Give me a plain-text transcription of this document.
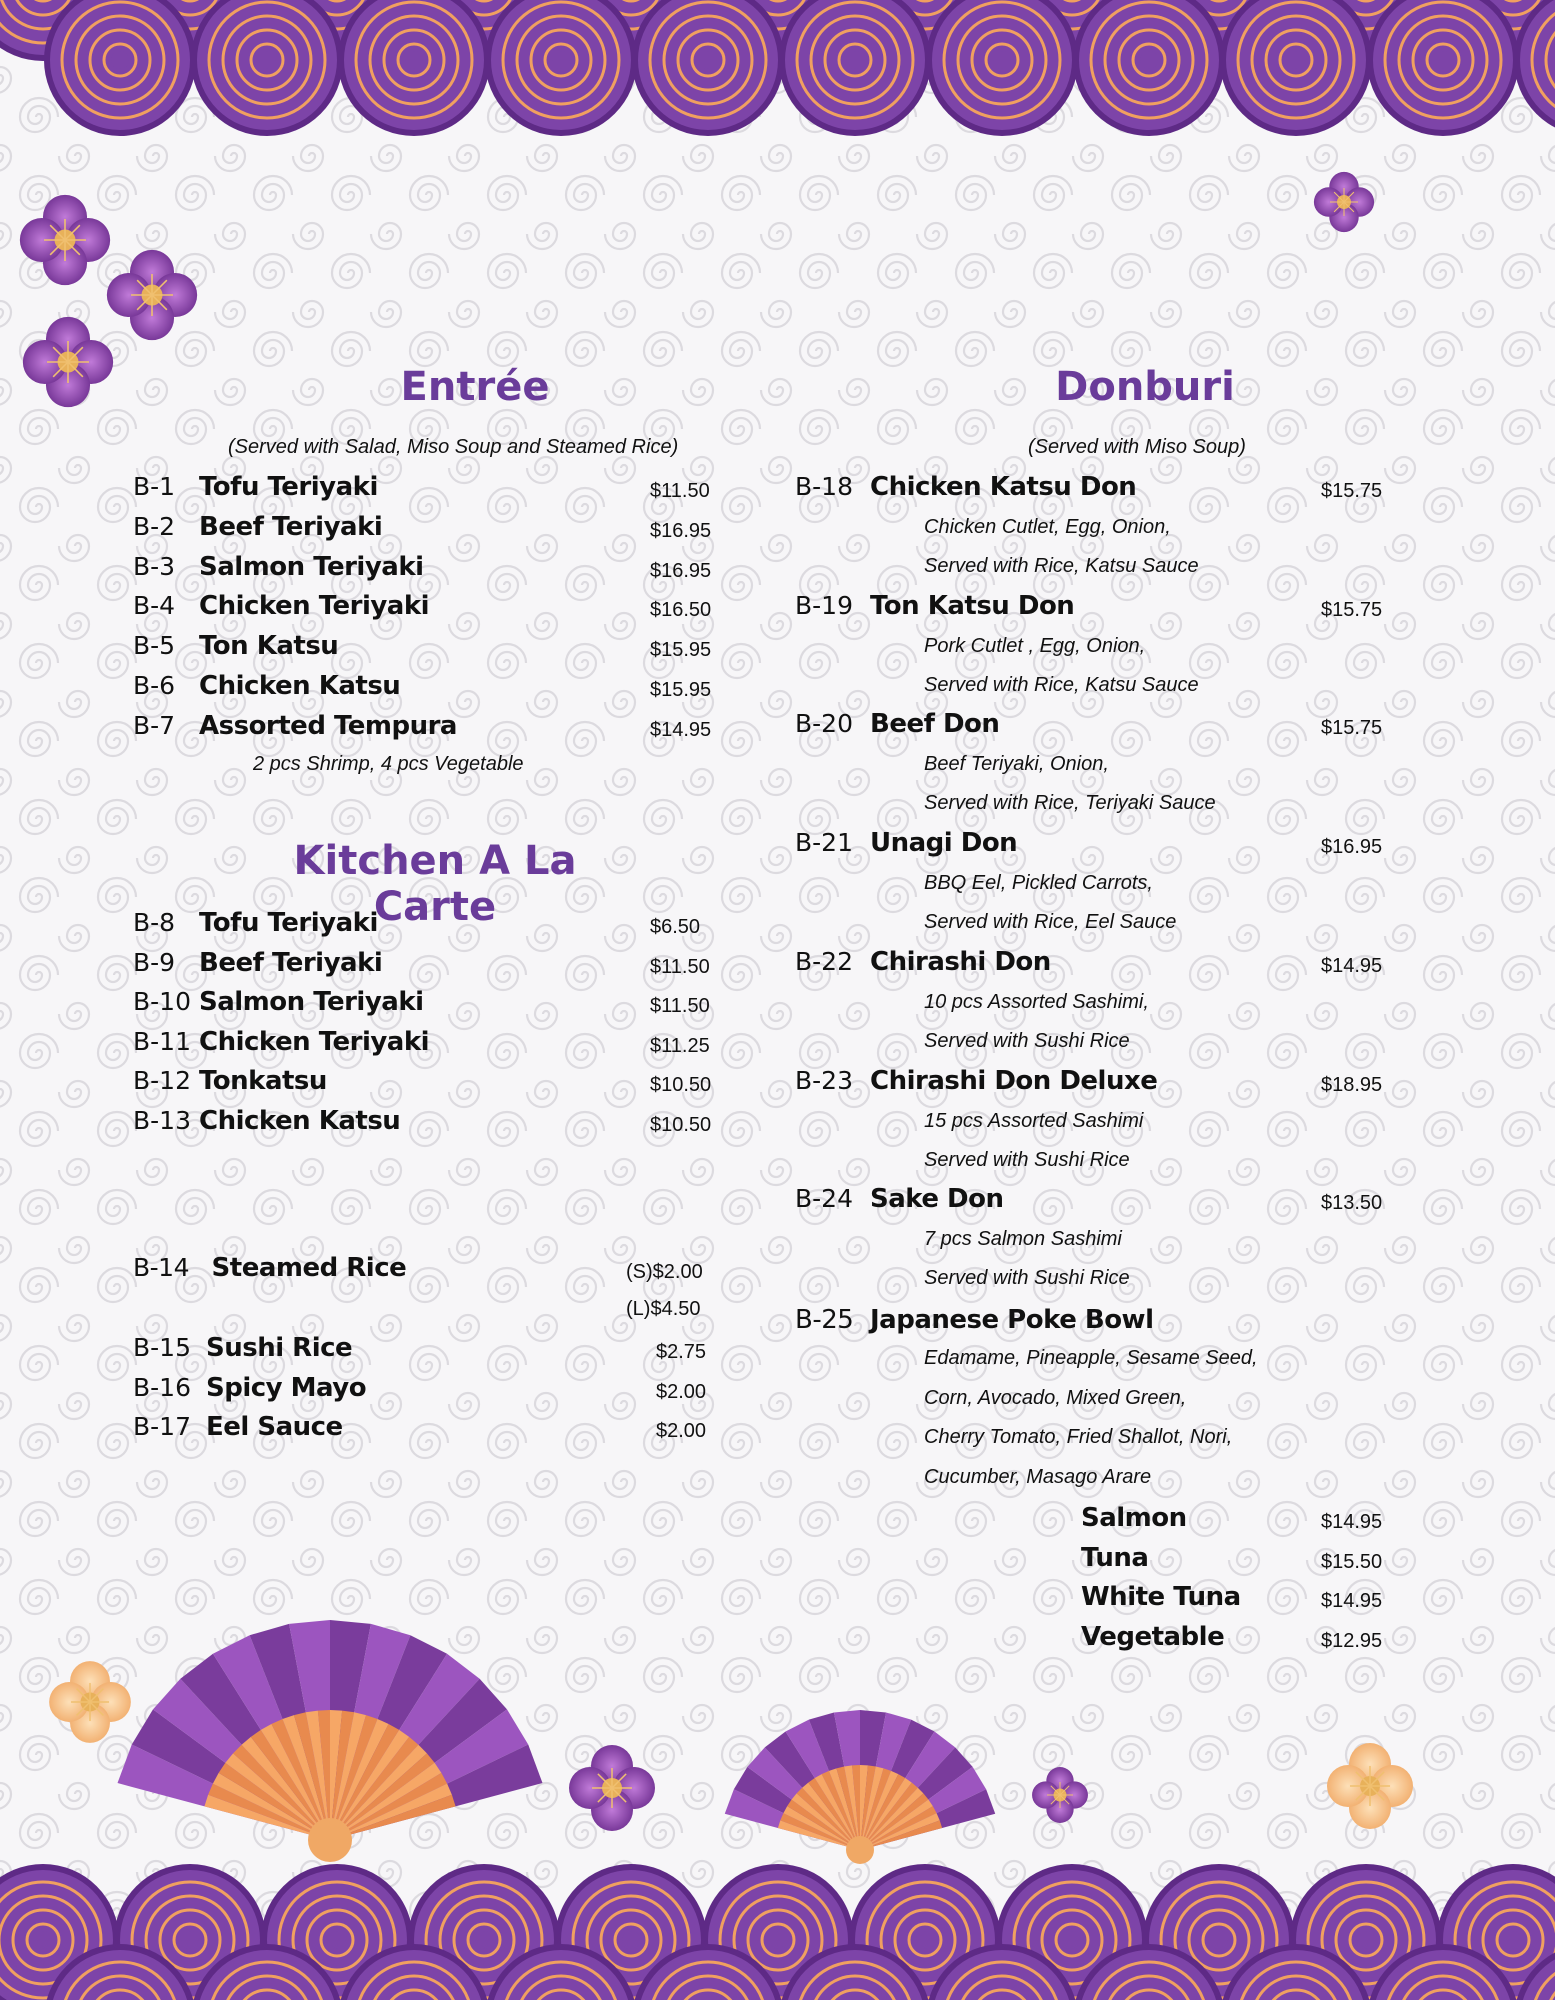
Entrée
(Served with Salad, Miso Soup and Steamed Rice)
B-1 Tofu Teriyaki	$11.50
B-2 Beef Teriyaki	$16.95
B-3 Salmon Teriyaki	$16.95
B-4 Chicken Teriyaki	$16.50
B-5 Ton Katsu	$15.95
B-6 Chicken Katsu	$15.95
B-7 Assorted Tempura	$14.95
2 pcs Shrimp, 4 pcs Vegetable
Kitchen A La Carte
B-8 Tofu Teriyaki	$6.50
B-9 Beef Teriyaki	$11.50
B-10 Salmon Teriyaki	$11.50
B-11 Chicken Teriyaki	$11.25
B-12 Tonkatsu	$10.50
B-13 Chicken Katsu	$10.50
B-14 Steamed Rice	(S)$2.00
(L)$4.50
B-15 Sushi Rice	$2.75
B-16 Spicy Mayo	$2.00
B-17 Eel Sauce	$2.00
Donburi
(Served with Miso Soup)
B-18 Chicken Katsu Don	$15.75
Chicken Cutlet, Egg, Onion,
Served with Rice, Katsu Sauce
B-19 Ton Katsu Don	$15.75
Pork Cutlet , Egg, Onion,
Served with Rice, Katsu Sauce
B-20 Beef Don	$15.75
Beef Teriyaki, Onion,
Served with Rice, Teriyaki Sauce
B-21 Unagi Don	$16.95
BBQ Eel, Pickled Carrots,
Served with Rice, Eel Sauce
B-22 Chirashi Don	$14.95
10 pcs Assorted Sashimi,
Served with Sushi Rice
B-23 Chirashi Don Deluxe	$18.95
15 pcs Assorted Sashimi
Served with Sushi Rice
B-24 Sake Don	$13.50
7 pcs Salmon Sashimi
Served with Sushi Rice
B-25 Japanese Poke Bowl
Edamame, Pineapple, Sesame Seed,
Corn, Avocado, Mixed Green,
Cherry Tomato, Fried Shallot, Nori,
Cucumber, Masago Arare
Salmon	$14.95
Tuna	$15.50
White Tuna	$14.95
Vegetable	$12.95
